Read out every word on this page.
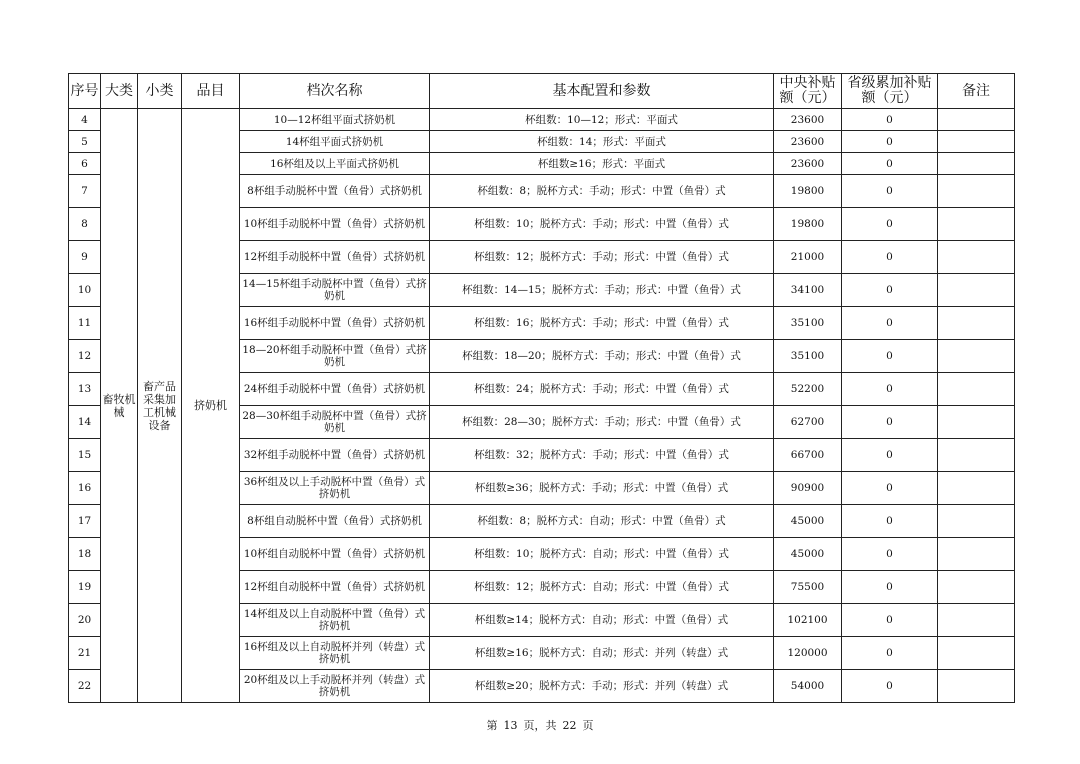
序号	大类	小类	品目	档次名称	基本配置和参数	中央补贴额（元）	省级累加补贴额（元）	备注
4	畜牧机械	畜产品采集加工机械设备	挤奶机	10—12杯组平面式挤奶机	杯组数：10—12；形式：平面式	23600	0	
5				14杯组平面式挤奶机	杯组数：14；形式：平面式	23600	0	
6				16杯组及以上平面式挤奶机	杯组数≥16；形式：平面式	23600	0	
7				8杯组手动脱杯中置（鱼骨）式挤奶机	杯组数：8；脱杯方式：手动；形式：中置（鱼骨）式	19800	0	
8				10杯组手动脱杯中置（鱼骨）式挤奶机	杯组数：10；脱杯方式：手动；形式：中置（鱼骨）式	19800	0	
9				12杯组手动脱杯中置（鱼骨）式挤奶机	杯组数：12；脱杯方式：手动；形式：中置（鱼骨）式	21000	0	
10				14—15杯组手动脱杯中置（鱼骨）式挤奶机	杯组数：14—15；脱杯方式：手动；形式：中置（鱼骨）式	34100	0	
11				16杯组手动脱杯中置（鱼骨）式挤奶机	杯组数：16；脱杯方式：手动；形式：中置（鱼骨）式	35100	0	
12				18—20杯组手动脱杯中置（鱼骨）式挤奶机	杯组数：18—20；脱杯方式：手动；形式：中置（鱼骨）式	35100	0	
13				24杯组手动脱杯中置（鱼骨）式挤奶机	杯组数：24；脱杯方式：手动；形式：中置（鱼骨）式	52200	0	
14				28—30杯组手动脱杯中置（鱼骨）式挤奶机	杯组数：28—30；脱杯方式：手动；形式：中置（鱼骨）式	62700	0	
15				32杯组手动脱杯中置（鱼骨）式挤奶机	杯组数：32；脱杯方式：手动；形式：中置（鱼骨）式	66700	0	
16				36杯组及以上手动脱杯中置（鱼骨）式挤奶机	杯组数≥36；脱杯方式：手动；形式：中置（鱼骨）式	90900	0	
17				8杯组自动脱杯中置（鱼骨）式挤奶机	杯组数：8；脱杯方式：自动；形式：中置（鱼骨）式	45000	0	
18				10杯组自动脱杯中置（鱼骨）式挤奶机	杯组数：10；脱杯方式：自动；形式：中置（鱼骨）式	45000	0	
19				12杯组自动脱杯中置（鱼骨）式挤奶机	杯组数：12；脱杯方式：自动；形式：中置（鱼骨）式	75500	0	
20				14杯组及以上自动脱杯中置（鱼骨）式挤奶机	杯组数≥14；脱杯方式：自动；形式：中置（鱼骨）式	102100	0	
21				16杯组及以上自动脱杯并列（转盘）式挤奶机	杯组数≥16；脱杯方式：自动；形式：并列（转盘）式	120000	0	
22				20杯组及以上手动脱杯并列（转盘）式挤奶机	杯组数≥20；脱杯方式：手动；形式：并列（转盘）式	54000	0	
第 13 页，共 22 页
